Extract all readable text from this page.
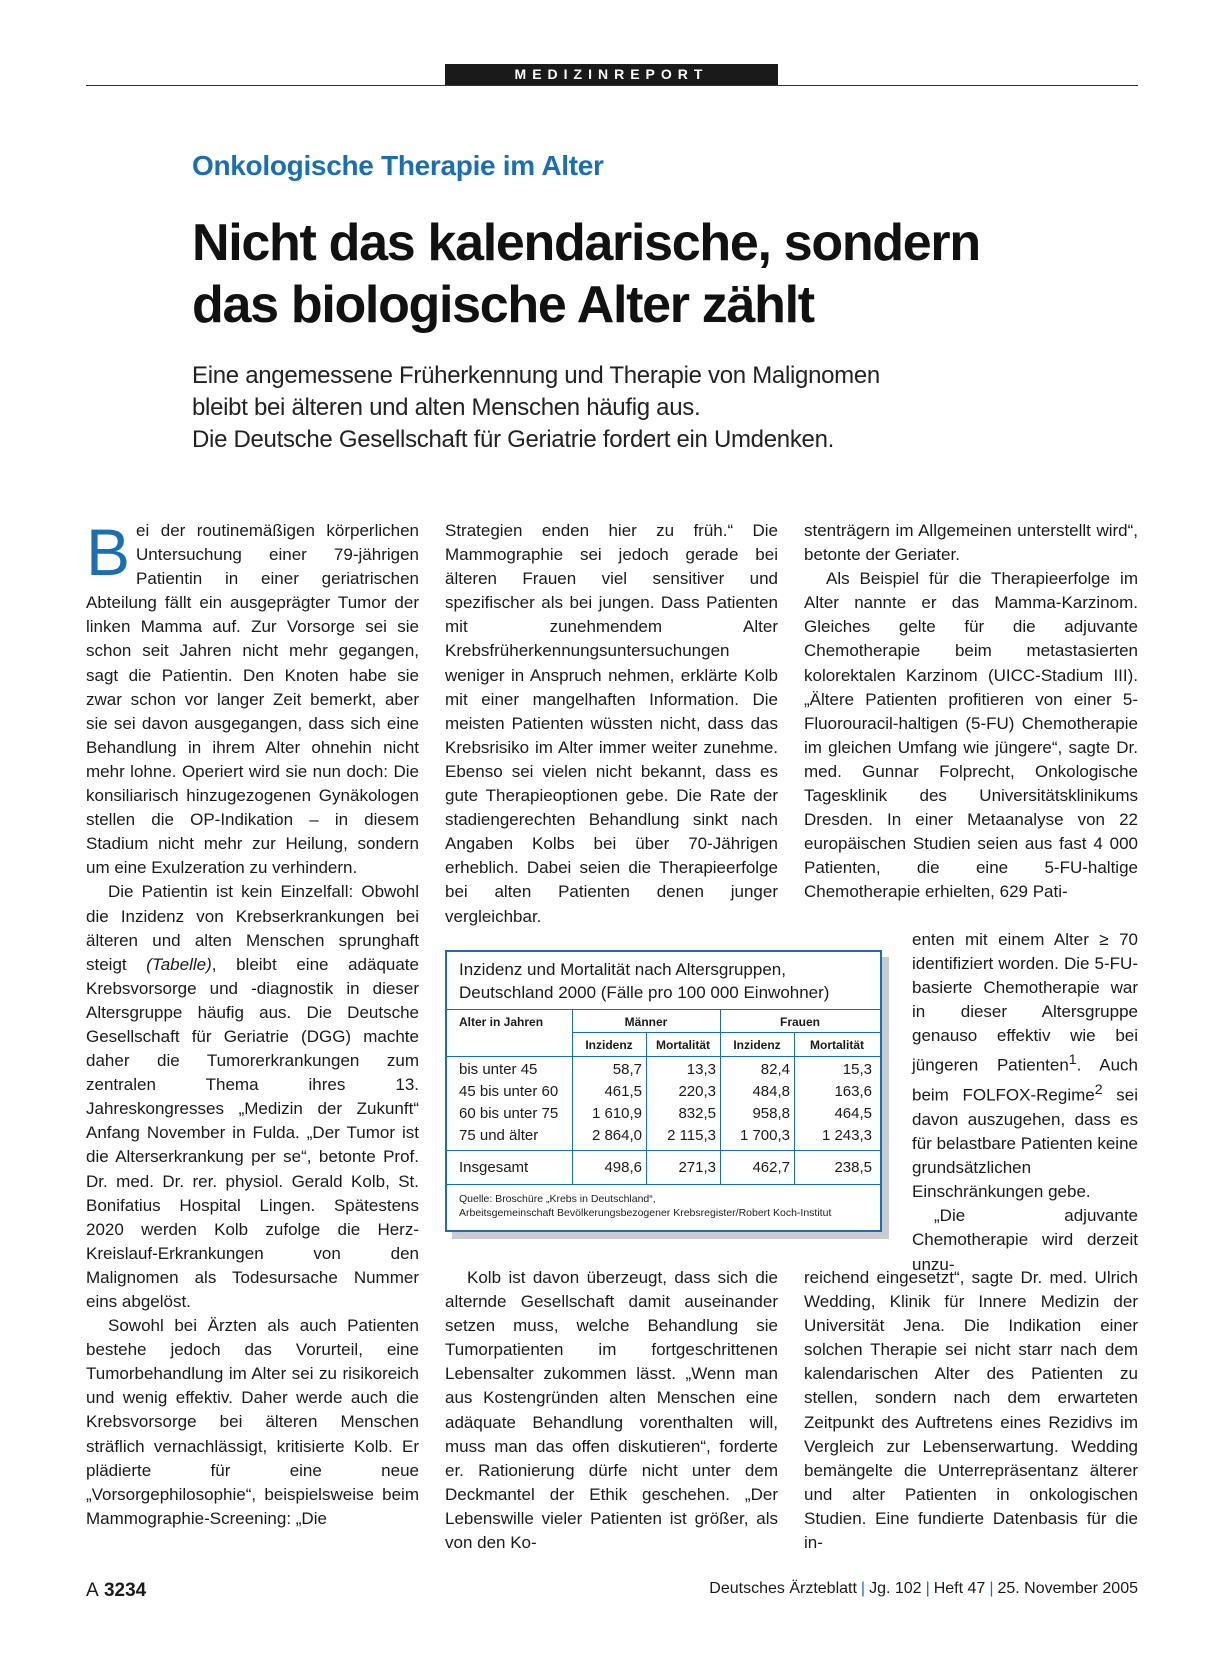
MEDIZINREPORT
Onkologische Therapie im Alter
Nicht das kalendarische, sondern
das biologische Alter zählt
Eine angemessene Früherkennung und Therapie von Malignomen
bleibt bei älteren und alten Menschen häufig aus.
Die Deutsche Gesellschaft für Geriatrie fordert ein Umdenken.

Bei der routinemäßigen körperlichen Untersuchung einer 79-jährigen Patientin in einer geriatrischen Abteilung fällt ein ausgeprägter Tumor der linken Mamma auf. Zur Vorsorge sei sie schon seit Jahren nicht mehr gegangen, sagt die Patientin. Den Knoten habe sie zwar schon vor langer Zeit bemerkt, aber sie sei davon ausgegangen, dass sich eine Behandlung in ihrem Alter ohnehin nicht mehr lohne. Operiert wird sie nun doch: Die konsiliarisch hinzugezogenen Gynäkologen stellen die OP-Indikation – in diesem Stadium nicht mehr zur Heilung, sondern um eine Exulzeration zu verhindern.

Die Patientin ist kein Einzelfall: Obwohl die Inzidenz von Krebserkrankungen bei älteren und alten Menschen sprunghaft steigt (Tabelle), bleibt eine adäquate Krebsvorsorge und -diagnostik in dieser Altersgruppe häufig aus. Die Deutsche Gesellschaft für Geriatrie (DGG) machte daher die Tumorerkrankungen zum zentralen Thema ihres 13. Jahreskongresses „Medizin der Zukunft“ Anfang November in Fulda. „Der Tumor ist die Alterserkrankung per se“, betonte Prof. Dr. med. Dr. rer. physiol. Gerald Kolb, St. Bonifatius Hospital Lingen. Spätestens 2020 werden Kolb zufolge die Herz-Kreislauf-Erkrankungen von den Malignomen als Todesursache Nummer eins abgelöst.

Sowohl bei Ärzten als auch Patienten bestehe jedoch das Vorurteil, eine Tumorbehandlung im Alter sei zu risikoreich und wenig effektiv. Daher werde auch die Krebsvorsorge bei älteren Menschen sträflich vernachlässigt, kritisierte Kolb. Er plädierte für eine neue „Vorsorgephilosophie“, beispielsweise beim Mammographie-Screening: „Die

Strategien enden hier zu früh.“ Die Mammographie sei jedoch gerade bei älteren Frauen viel sensitiver und spezifischer als bei jungen. Dass Patienten mit zunehmendem Alter Krebsfrüherkennungsuntersuchungen weniger in Anspruch nehmen, erklärte Kolb mit einer mangelhaften Information. Die meisten Patienten wüssten nicht, dass das Krebsrisiko im Alter immer weiter zunehme. Ebenso sei vielen nicht bekannt, dass es gute Therapieoptionen gebe. Die Rate der stadiengerechten Behandlung sinkt nach Angaben Kolbs bei über 70-Jährigen erheblich. Dabei seien die Therapieerfolge bei alten Patienten denen junger vergleichbar.

Inzidenz und Mortalität nach Altersgruppen,
Deutschland 2000 (Fälle pro 100 000 Einwohner)
Alter in Jahren	Männer	Frauen
Inzidenz	Mortalität	Inzidenz	Mortalität
bis unter 45	58,7	13,3	82,4	15,3
45 bis unter 60	461,5	220,3	484,8	163,6
60 bis unter 75	1 610,9	832,5	958,8	464,5
75 und älter	2 864,0	2 115,3	1 700,3	1 243,3
Insgesamt	498,6	271,3	462,7	238,5
Quelle: Broschüre „Krebs in Deutschland“,
Arbeitsgemeinschaft Bevölkerungsbezogener Krebsregister/Robert Koch-Institut

Kolb ist davon überzeugt, dass sich die alternde Gesellschaft damit auseinander setzen muss, welche Behandlung sie Tumorpatienten im fortgeschrittenen Lebensalter zukommen lässt. „Wenn man aus Kostengründen alten Menschen eine adäquate Behandlung vorenthalten will, muss man das offen diskutieren“, forderte er. Rationierung dürfe nicht unter dem Deckmantel der Ethik geschehen. „Der Lebenswille vieler Patienten ist größer, als von den Ko-

stenträgern im Allgemeinen unterstellt wird“, betonte der Geriater.

Als Beispiel für die Therapieerfolge im Alter nannte er das Mamma-Karzinom. Gleiches gelte für die adjuvante Chemotherapie beim metastasierten kolorektalen Karzinom (UICC-Stadium III). „Ältere Patienten profitieren von einer 5-Fluorouracil-haltigen (5-FU) Chemotherapie im gleichen Umfang wie jüngere“, sagte Dr. med. Gunnar Folprecht, Onkologische Tagesklinik des Universitätsklinikums Dresden. In einer Metaanalyse von 22 europäischen Studien seien aus fast 4 000 Patienten, die eine 5-FU-haltige Chemotherapie erhielten, 629 Pati-

enten mit einem Alter ≥ 70 identifiziert worden. Die 5-FU-basierte Chemotherapie war in dieser Altersgruppe genauso effektiv wie bei jüngeren Patienten$^1$. Auch beim FOLFOX-Regime$^2$ sei davon auszugehen, dass es für belastbare Patienten keine grundsätzlichen Einschränkungen gebe.

„Die adjuvante Chemotherapie wird derzeit unzu-

reichend eingesetzt“, sagte Dr. med. Ulrich Wedding, Klinik für Innere Medizin der Universität Jena. Die Indikation einer solchen Therapie sei nicht starr nach dem kalendarischen Alter des Patienten zu stellen, sondern nach dem erwarteten Zeitpunkt des Auftretens eines Rezidivs im Vergleich zur Lebenserwartung. Wedding bemängelte die Unterrepräsentanz älterer und alter Patienten in onkologischen Studien. Eine fundierte Datenbasis für die in-

A 3234	Deutsches Ärzteblatt | Jg. 102 | Heft 47 | 25. November 2005
